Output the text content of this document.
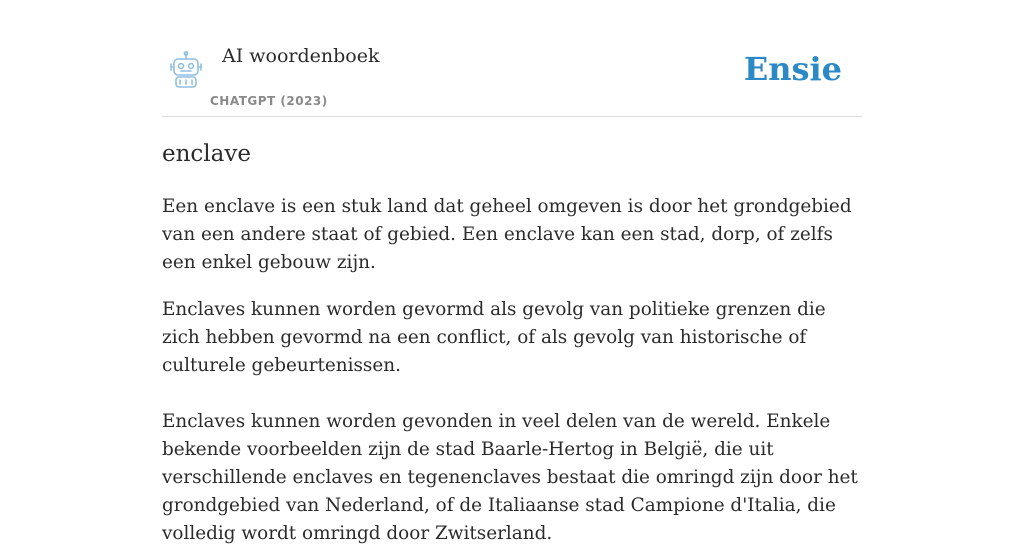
AI woordenboek
CHATGPT (2023)
Ensie
enclave

Een enclave is een stuk land dat geheel omgeven is door het grondgebied van een andere staat of gebied. Een enclave kan een stad, dorp, of zelfs een enkel gebouw zijn.

Enclaves kunnen worden gevormd als gevolg van politieke grenzen die zich hebben gevormd na een conflict, of als gevolg van historische of culturele gebeurtenissen.

Enclaves kunnen worden gevonden in veel delen van de wereld. Enkele bekende voorbeelden zijn de stad Baarle-Hertog in België, die uit verschillende enclaves en tegenenclaves bestaat die omringd zijn door het grondgebied van Nederland, of de Italiaanse stad Campione d'Italia, die volledig wordt omringd door Zwitserland.
